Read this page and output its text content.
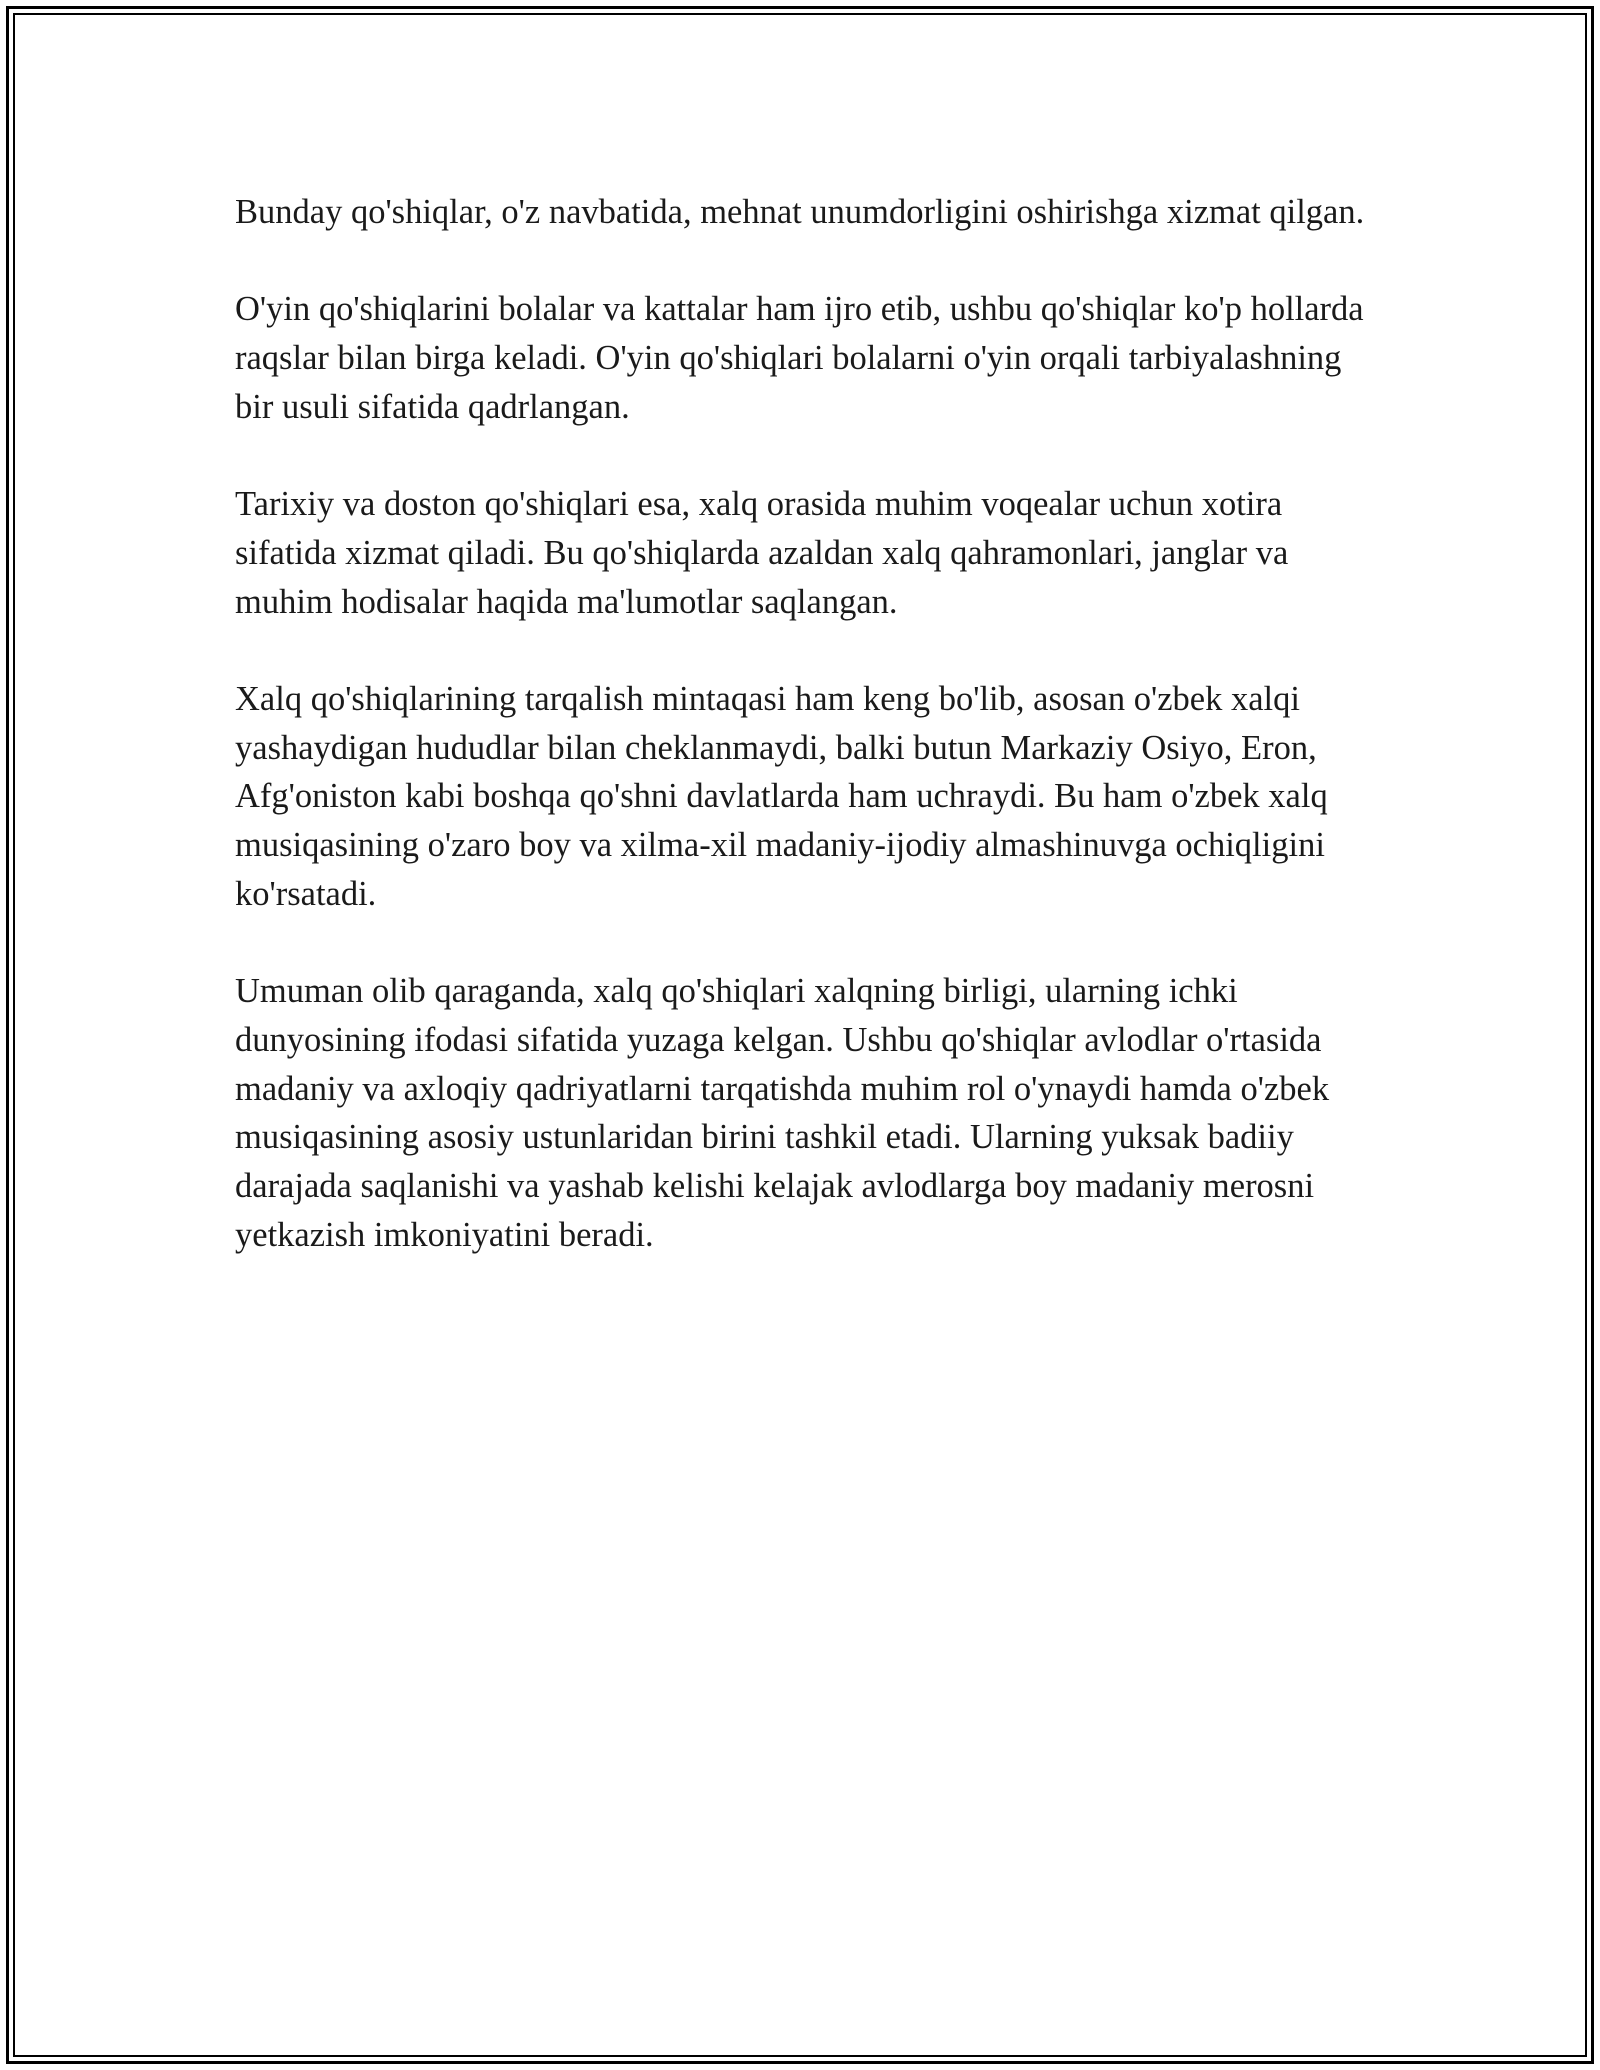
Bunday qo'shiqlar, o'z navbatida, mehnat unumdorligini oshirishga xizmat qilgan.

O'yin qo'shiqlarini bolalar va kattalar ham ijro etib, ushbu qo'shiqlar ko'p hollarda raqslar bilan birga keladi. O'yin qo'shiqlari bolalarni o'yin orqali tarbiyalashning bir usuli sifatida qadrlangan.

Tarixiy va doston qo'shiqlari esa, xalq orasida muhim voqealar uchun xotira sifatida xizmat qiladi. Bu qo'shiqlarda azaldan xalq qahramonlari, janglar va muhim hodisalar haqida ma'lumotlar saqlangan.

Xalq qo'shiqlarining tarqalish mintaqasi ham keng bo'lib, asosan o'zbek xalqi yashaydigan hududlar bilan cheklanmaydi, balki butun Markaziy Osiyo, Eron, Afg'oniston kabi boshqa qo'shni davlatlarda ham uchraydi. Bu ham o'zbek xalq musiqasining o'zaro boy va xilma-xil madaniy-ijodiy almashinuvga ochiqligini ko'rsatadi.

Umuman olib qaraganda, xalq qo'shiqlari xalqning birligi, ularning ichki dunyosining ifodasi sifatida yuzaga kelgan. Ushbu qo'shiqlar avlodlar o'rtasida madaniy va axloqiy qadriyatlarni tarqatishda muhim rol o'ynaydi hamda o'zbek musiqasining asosiy ustunlaridan birini tashkil etadi. Ularning yuksak badiiy darajada saqlanishi va yashab kelishi kelajak avlodlarga boy madaniy merosni yetkazish imkoniyatini beradi.
